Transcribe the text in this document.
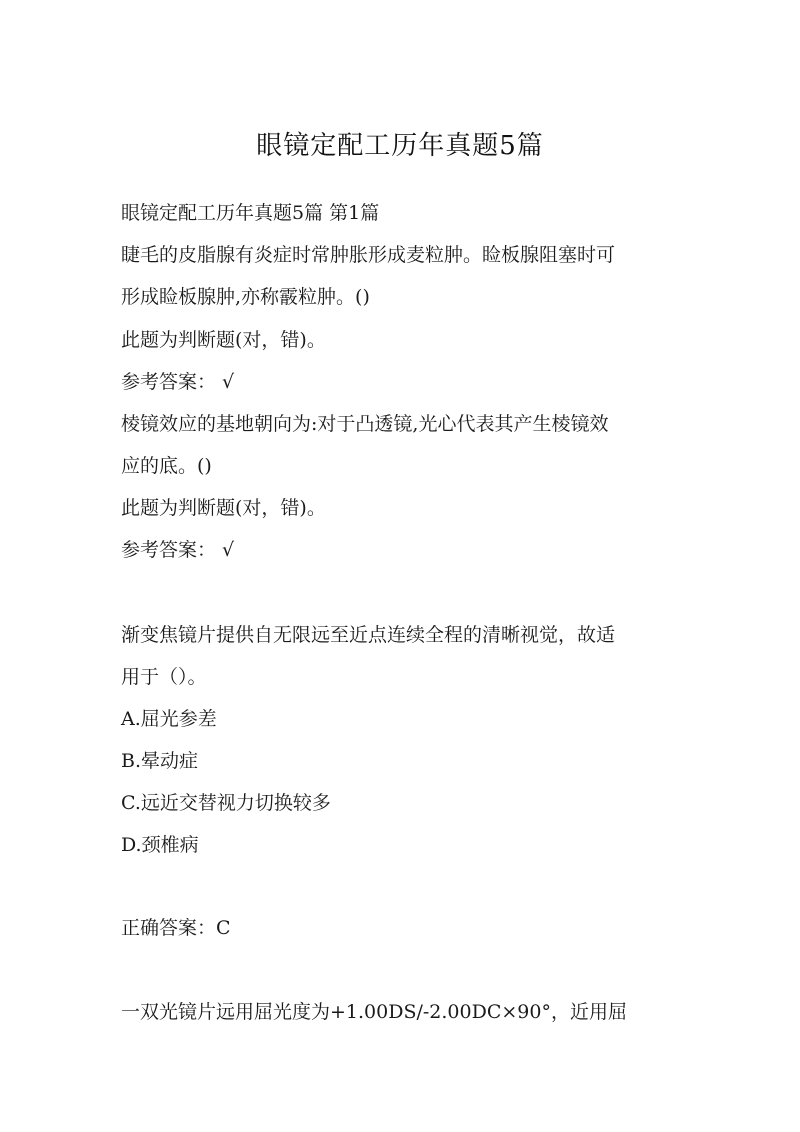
眼镜定配工历年真题5篇
眼镜定配工历年真题5篇 第1篇
睫毛的皮脂腺有炎症时常肿胀形成麦粒肿。睑板腺阻塞时可
形成睑板腺肿,亦称霰粒肿。()
此题为判断题(对，错)。
参考答案： √
棱镜效应的基地朝向为:对于凸透镜,光心代表其产生棱镜效
应的底。()
此题为判断题(对，错)。
参考答案： √
渐变焦镜片提供自无限远至近点连续全程的清晰视觉，故适
用于（）。
A.屈光参差
B.晕动症
C.远近交替视力切换较多
D.颈椎病
正确答案：C
一双光镜片远用屈光度为+1.00DS/-2.00DC×90°，近用屈
